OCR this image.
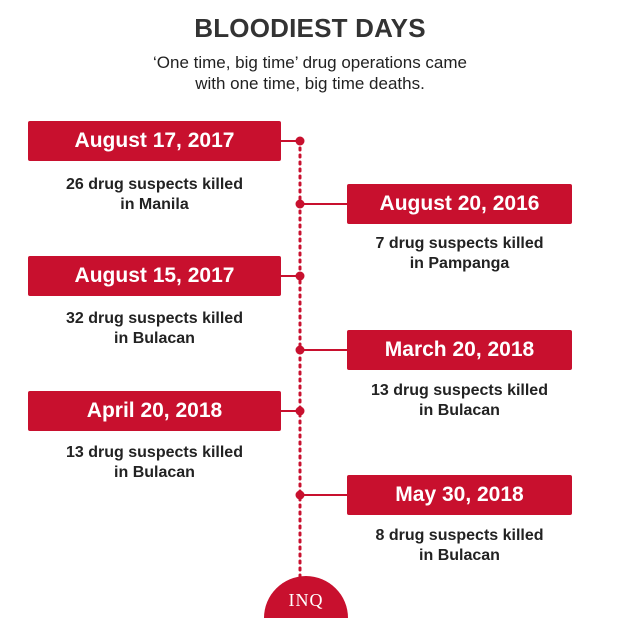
BLOODIEST DAYS
‘One time, big time’ drug operations came
with one time, big time deaths.
August 17, 2017
26 drug suspects killed
in Manila	August 20, 2016
7 drug suspects killed
in Pampanga
August 15, 2017
32 drug suspects killed
in Bulacan	March 20, 2018
13 drug suspects killed
in Bulacan
April 20, 2018
13 drug suspects killed
in Bulacan
May 30, 2018
8 drug suspects killed
in Bulacan
INQ
